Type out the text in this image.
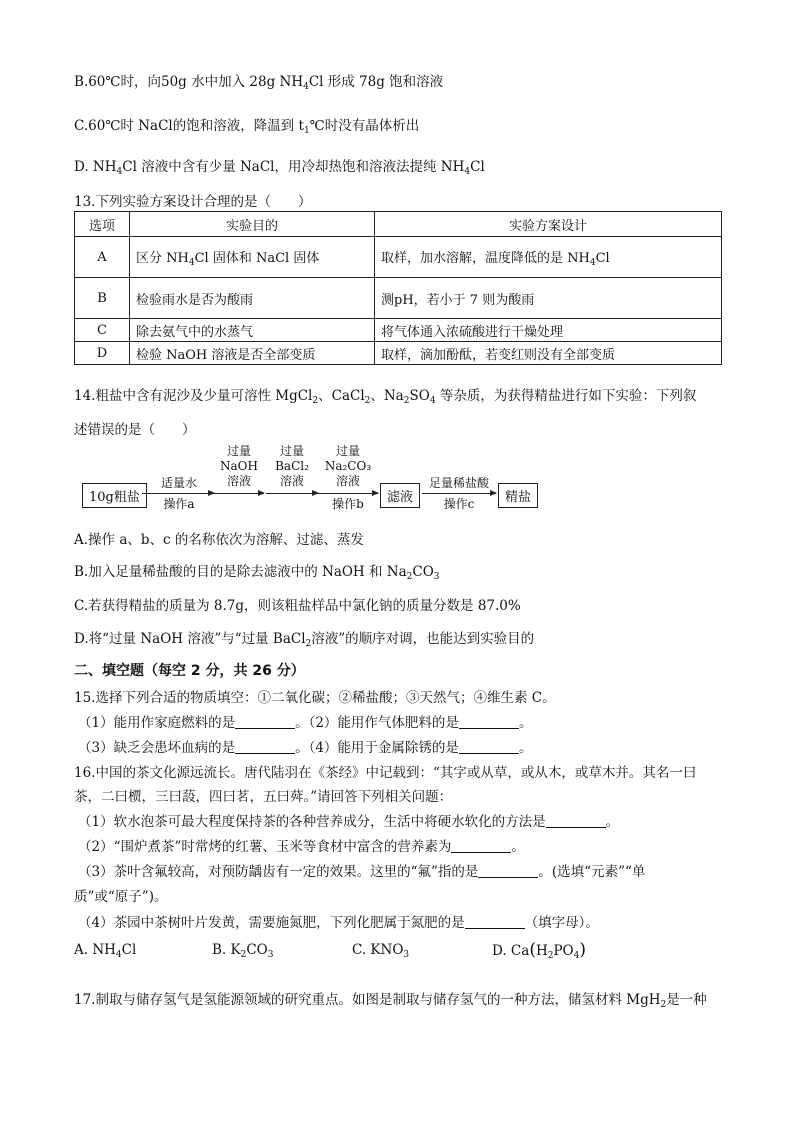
B.60℃时，向50g 水中加入 28g $NH_4Cl$ 形成 78g 饱和溶液
C.60℃时 NaCl的饱和溶液，降温到 $t_1℃$时没有晶体析出
D. $NH_4Cl$ 溶液中含有少量 NaCl，用冷却热饱和溶液法提纯 $NH_4Cl$
13.下列实验方案设计合理的是（　　）
选项	实验目的	实验方案设计
A	区分 $NH_4Cl$ 固体和 NaCl 固体	取样，加水溶解，温度降低的是 $NH_4Cl$
B	检验雨水是否为酸雨	测pH，若小于 7 则为酸雨
C	除去氨气中的水蒸气	将气体通入浓硫酸进行干燥处理
D	检验 NaOH 溶液是否全部变质	取样，滴加酚酞，若变红则没有全部变质
14.粗盐中含有泥沙及少量可溶性 MgCl$_2$、CaCl$_2$、$Na_2SO_4$ 等杂质，为获得精盐进行如下实验：下列叙
述错误的是（　　）
10g粗盐
适量水
操作a
过量
NaOH
溶液
过量
BaCl₂
溶液
过量
Na₂CO₃
溶液
操作b	滤液
足量稀盐酸
操作c	精盐
A.操作 a、b、c 的名称依次为溶解、过滤、蒸发
B.加入足量稀盐酸的目的是除去滤液中的 NaOH 和 $Na_2CO_3$
C.若获得精盐的质量为 8.7g，则该粗盐样品中氯化钠的质量分数是 87.0%
D.将“过量 NaOH 溶液”与“过量 BaCl$_2$溶液”的顺序对调，也能达到实验目的
二、填空题（每空 2 分，共 26 分）
15.选择下列合适的物质填空：①二氧化碳；②稀盐酸；③天然气；④维生素 C。
（1）能用作家庭燃料的是	。（2）能用作气体肥料的是	。
（3）缺乏会患坏血病的是	。（4）能用于金属除锈的是	。
16.中国的茶文化源远流长。唐代陆羽在《茶经》中记载到：“其字或从草，或从木，或草木并。其名一曰
茶，二曰槚，三曰蔎，四曰茗，五曰荈。”请回答下列相关问题：
（1）软水泡茶可最大程度保持茶的各种营养成分，生活中将硬水软化的方法是	。
（2）“围炉煮茶”时常烤的红薯、玉米等食材中富含的营养素为	。
（3）茶叶含氟较高，对预防龋齿有一定的效果。这里的“氟”指的是	。(选填“元素”“单
质”或“原子”)。
（4）茶园中茶树叶片发黄，需要施氮肥，下列化肥属于氮肥的是	（填字母）。
A. $NH_4Cl$	B. $K_2CO_3$	C. $KNO_3$	D. $Ca(H_2PO_4)$
17.制取与储存氢气是氢能源领域的研究重点。如图是制取与储存氢气的一种方法，储氢材料 MgH$_2$是一种
